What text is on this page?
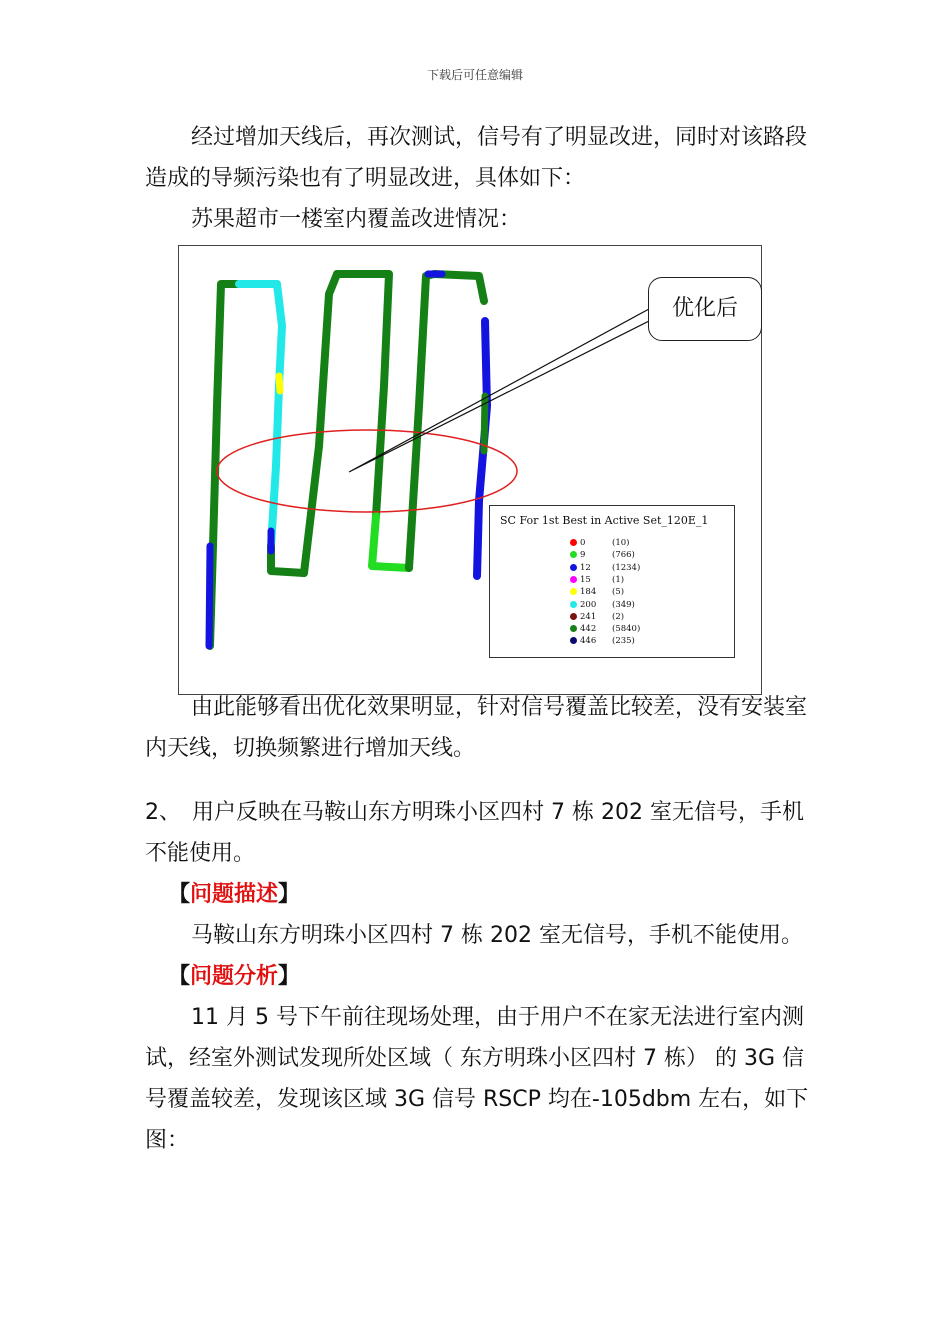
下载后可任意编辑
经过增加天线后，再次测试，信号有了明显改进，同时对该路段造成的导频污染也有了明显改进，具体如下：
苏果超市一楼室内覆盖改进情况：
优化后
SC For 1st Best in Active Set_120E_1
0	(10)
9	(766)
12 (1234)
15 (1)
184 (5)
200 (349)
241 (2)
442 (5840)
446 (235)
由此能够看出优化效果明显，针对信号覆盖比较差，没有安装室内天线，切换频繁进行增加天线。
2、　用户反映在马鞍山东方明珠小区四村 7 栋 202 室无信号，手机不能使用。
【问题描述】
马鞍山东方明珠小区四村 7 栋 202 室无信号，手机不能使用。
【问题分析】
11 月 5 号下午前往现场处理，由于用户不在家无法进行室内测试，经室外测试发现所处区域（ 东方明珠小区四村 7 栋） 的 3G 信号覆盖较差，发现该区域 3G 信号 RSCP 均在-105dbm 左右，如下图：
